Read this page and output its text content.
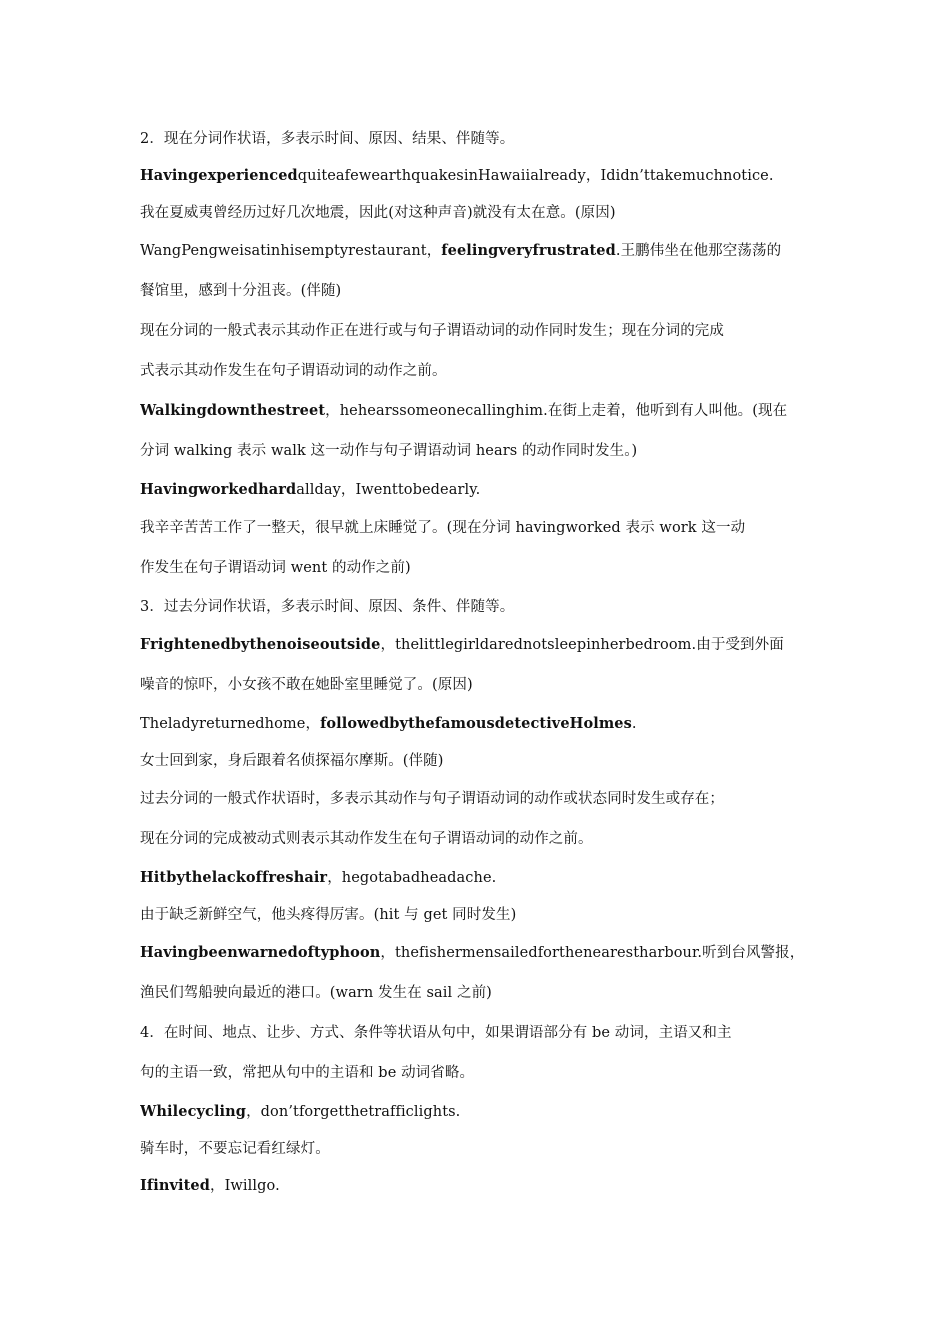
2．现在分词作状语，多表示时间、原因、结果、伴随等。
HavingexperiencedquiteafewearthquakesinHawaiialready，Ididn’ttakemuchnotice.
我在夏威夷曾经历过好几次地震，因此(对这种声音)就没有太在意。(原因)
WangPengweisatinhisemptyrestaurant，feelingveryfrustrated.王鹏伟坐在他那空荡荡的
餐馆里，感到十分沮丧。(伴随)
现在分词的一般式表示其动作正在进行或与句子谓语动词的动作同时发生；现在分词的完成
式表示其动作发生在句子谓语动词的动作之前。
Walkingdownthestreet，hehearssomeonecallinghim.在街上走着，他听到有人叫他。(现在
分词 walking 表示 walk 这一动作与句子谓语动词 hears 的动作同时发生。)
Havingworkedhardallday，Iwenttobedearly.
我辛辛苦苦工作了一整天，很早就上床睡觉了。(现在分词 havingworked 表示 work 这一动
作发生在句子谓语动词 went 的动作之前)
3．过去分词作状语，多表示时间、原因、条件、伴随等。
Frightenedbythenoiseoutside，thelittlegirldarednotsleepinherbedroom.由于受到外面
噪音的惊吓，小女孩不敢在她卧室里睡觉了。(原因)
Theladyreturnedhome，followedbythefamousdetectiveHolmes.
女士回到家，身后跟着名侦探福尔摩斯。(伴随)
过去分词的一般式作状语时，多表示其动作与句子谓语动词的动作或状态同时发生或存在；
现在分词的完成被动式则表示其动作发生在句子谓语动词的动作之前。
Hitbythelackoffreshair，hegotabadheadache.
由于缺乏新鲜空气，他头疼得厉害。(hit 与 get 同时发生)
Havingbeenwarnedoftyphoon，thefishermensailedforthenearestharbour.听到台风警报，
渔民们驾船驶向最近的港口。(warn 发生在 sail 之前)
4．在时间、地点、让步、方式、条件等状语从句中，如果谓语部分有 be 动词，主语又和主
句的主语一致，常把从句中的主语和 be 动词省略。
Whilecycling，don’tforgetthetrafficlights.
骑车时，不要忘记看红绿灯。
Ifinvited，Iwillgo.
